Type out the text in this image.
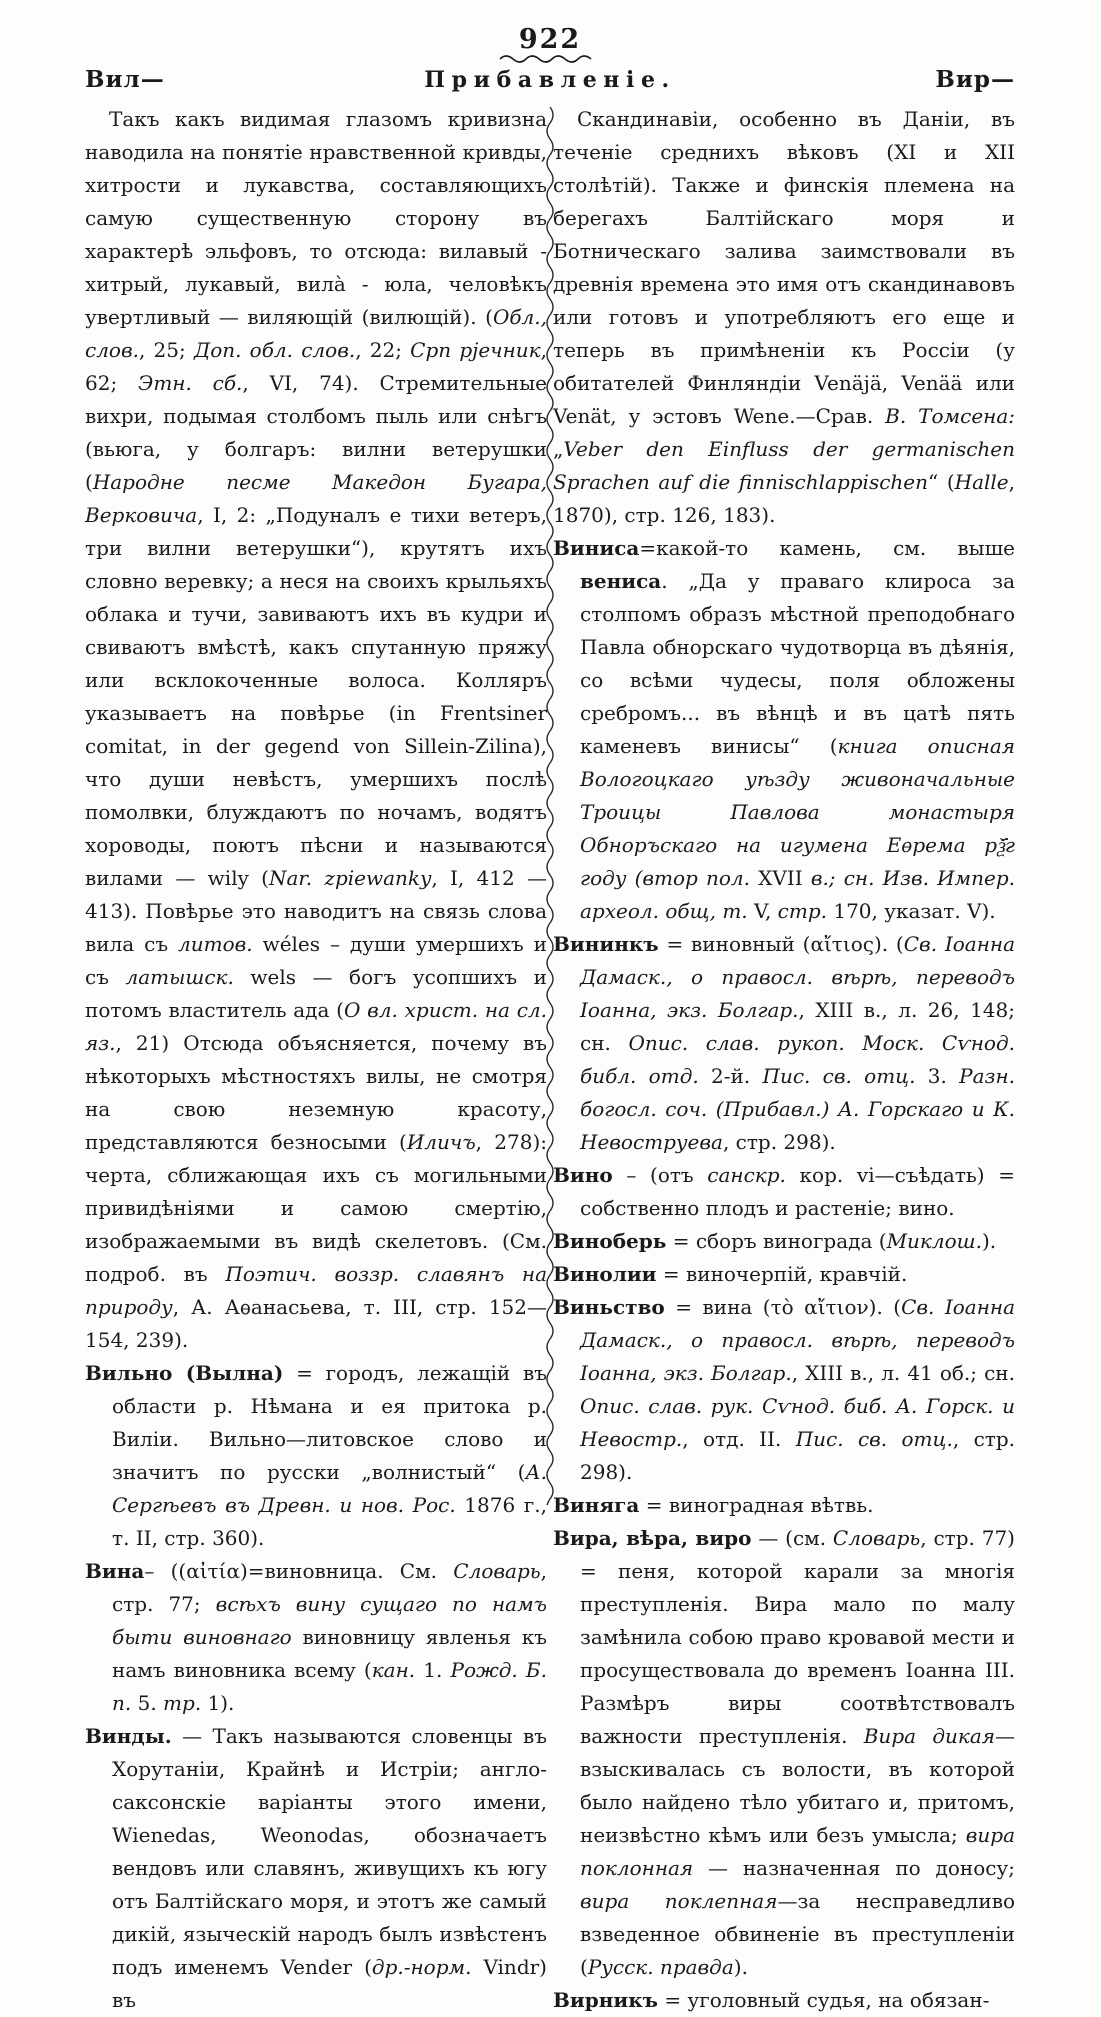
922
Вил—	Прибавленіе.	Вир—

Такъ какъ видимая глазомъ кривизна наводила на понятіе нравственной кривды, хитрости и лукавства, составляющихъ самую существенную сторону въ характерѣ эльфовъ, то отсюда: вилавый - хитрый, лукавый, вила̀ - юла, человѣкъ увертливый — виляющій (вилющій). (Обл., слов., 25; Доп. обл. слов., 22; Срп рјечник, 62; Этн. сб., VI, 74). Стремительные вихри, подымая столбомъ пыль или снѣгъ (вьюга, у болгаръ: вилни ветерушки (Народне песме Македон Бугара, Верковича, I, 2: „Подуналъ е тихи ветеръ, три вилни ветерушки“), крутятъ ихъ словно веревку; а неся на своихъ крыльяхъ облака и тучи, завиваютъ ихъ въ кудри и свиваютъ вмѣстѣ, какъ спутанную пряжу или всклокоченные волоса. Колляръ указываетъ на повѣрье (in Frentsiner comitat, in der gegend von Sillein-Zilina), что души невѣстъ, умершихъ послѣ помолвки, блуждаютъ по ночамъ, водятъ хороводы, поютъ пѣсни и называются вилами — wily (Nar. zpiewanky, I, 412 — 413). Повѣрье это наводитъ на связь слова вила съ литов. wéles – души умершихъ и съ латышск. wels — богъ усопшихъ и потомъ властитель ада (О вл. христ. на сл. яз., 21) Отсюда объясняется, почему въ нѣкоторыхъ мѣстностяхъ вилы, не смотря на свою неземную красоту, представляются безносыми (Иличъ, 278): черта, сближающая ихъ съ могильными привидѣніями и самою смертію, изображаемыми въ видѣ скелетовъ. (См. подроб. въ Поэтич. воззр. славянъ на природу, А. Аѳанасьева, т. III, стр. 152—154, 239).

Вильно (Вылна) = городъ, лежащій въ области р. Нѣмана и ея притока р. Виліи. Вильно—литовское слово и значитъ по русски „волнистый“ (А. Сергѣевъ въ Древн. и нов. Рос. 1876 г., т. II, стр. 360).

Вина– ((αἰτία)=виновница. См. Словарь, стр. 77; всѣхъ вину сущаго по намъ быти виновнаго виновницу явленья къ намъ виновника всему (кан. 1. Рожд. Б. п. 5. тр. 1).

Винды. — Такъ называются словенцы въ Хорутаніи, Крайнѣ и Истріи; англо-саксонскіе варіанты этого имени, Wienedas, Weonodas, обозначаетъ вендовъ или славянъ, живущихъ къ югу отъ Балтійскаго моря, и этотъ же самый дикій, языческій народъ былъ извѣстенъ подъ именемъ Vender (др.-норм. Vindr) въ

Скандинавіи, особенно въ Даніи, въ теченіе среднихъ вѣковъ (XI и XII столѣтій). Также и финскія племена на берегахъ Балтійскаго моря и Ботническаго залива заимствовали въ древнія времена это имя отъ скандинавовъ или готовъ и употребляютъ его еще и теперь въ примѣненіи къ Россіи (у обитателей Финляндіи Venäjä, Venää или Venät, у эстовъ Wene.—Срав. В. Томсена: „Veber den Einfluss der germanischen Sprachen auf die finnischlappischen“ (Halle, 1870), стр. 126, 183).

Виниса=какой-то камень, см. выше вениса. „Да у праваго клироса за столпомъ образъ мѣстной преподобнаго Павла обнорскаго чудотворца въ дѣянія, со всѣми чудесы, поля обложены сребромъ... въ вѣнцѣ и въ цатѣ пять каменевъ винисы“ (книга описная Вологоцкаго уѣзду живоначальные Троицы Павлова монастыря Обноръскаго на игумена Еѳрема рѯ҃г году (втор пол. XVII в.; сн. Изв. Импер. археол. общ, т. V, стр. 170, указат. V).

Вининкъ = виновный (αἴτιος). (Св. Іоанна Дамаск., о правосл. вѣрѣ, переводъ Іоанна, экз. Болгар., XIII в., л. 26, 148; сн. Опис. слав. рукоп. Моск. Сѵнод. библ. отд. 2-й. Пис. св. отц. 3. Разн. богосл. соч. (Прибавл.) А. Горскаго и К. Невоструева, стр. 298).

Вино – (отъ санскр. кор. vi—съѣдать) = собственно плодъ и растеніе; вино.

Виноберь = сборъ винограда (Миклош.).

Винолии = виночерпій, кравчій.

Виньство = вина (τὸ αἴτιον). (Св. Іоанна Дамаск., о правосл. вѣрѣ, переводъ Іоанна, экз. Болгар., XIII в., л. 41 об.; сн. Опис. слав. рук. Сѵнод. биб. А. Горск. и Невостр., отд. II. Пис. св. отц., стр. 298).

Виняга = виноградная вѣтвь.

Вира, вѣра, виро — (см. Словарь, стр. 77) = пеня, которой карали за многія преступленія. Вира мало по малу замѣнила собою право кровавой мести и просуществовала до временъ Іоанна III. Размѣръ виры соотвѣтствовалъ важности преступленія. Вира дикая—взыскивалась съ волости, въ которой было найдено тѣло убитаго и, притомъ, неизвѣстно кѣмъ или безъ умысла; вира поклонная — назначенная по доносу; вира поклепная—за несправедливо взведенное обвиненіе въ преступленіи (Русск. правда).

Вирникъ = уголовный судья, на обязан-
